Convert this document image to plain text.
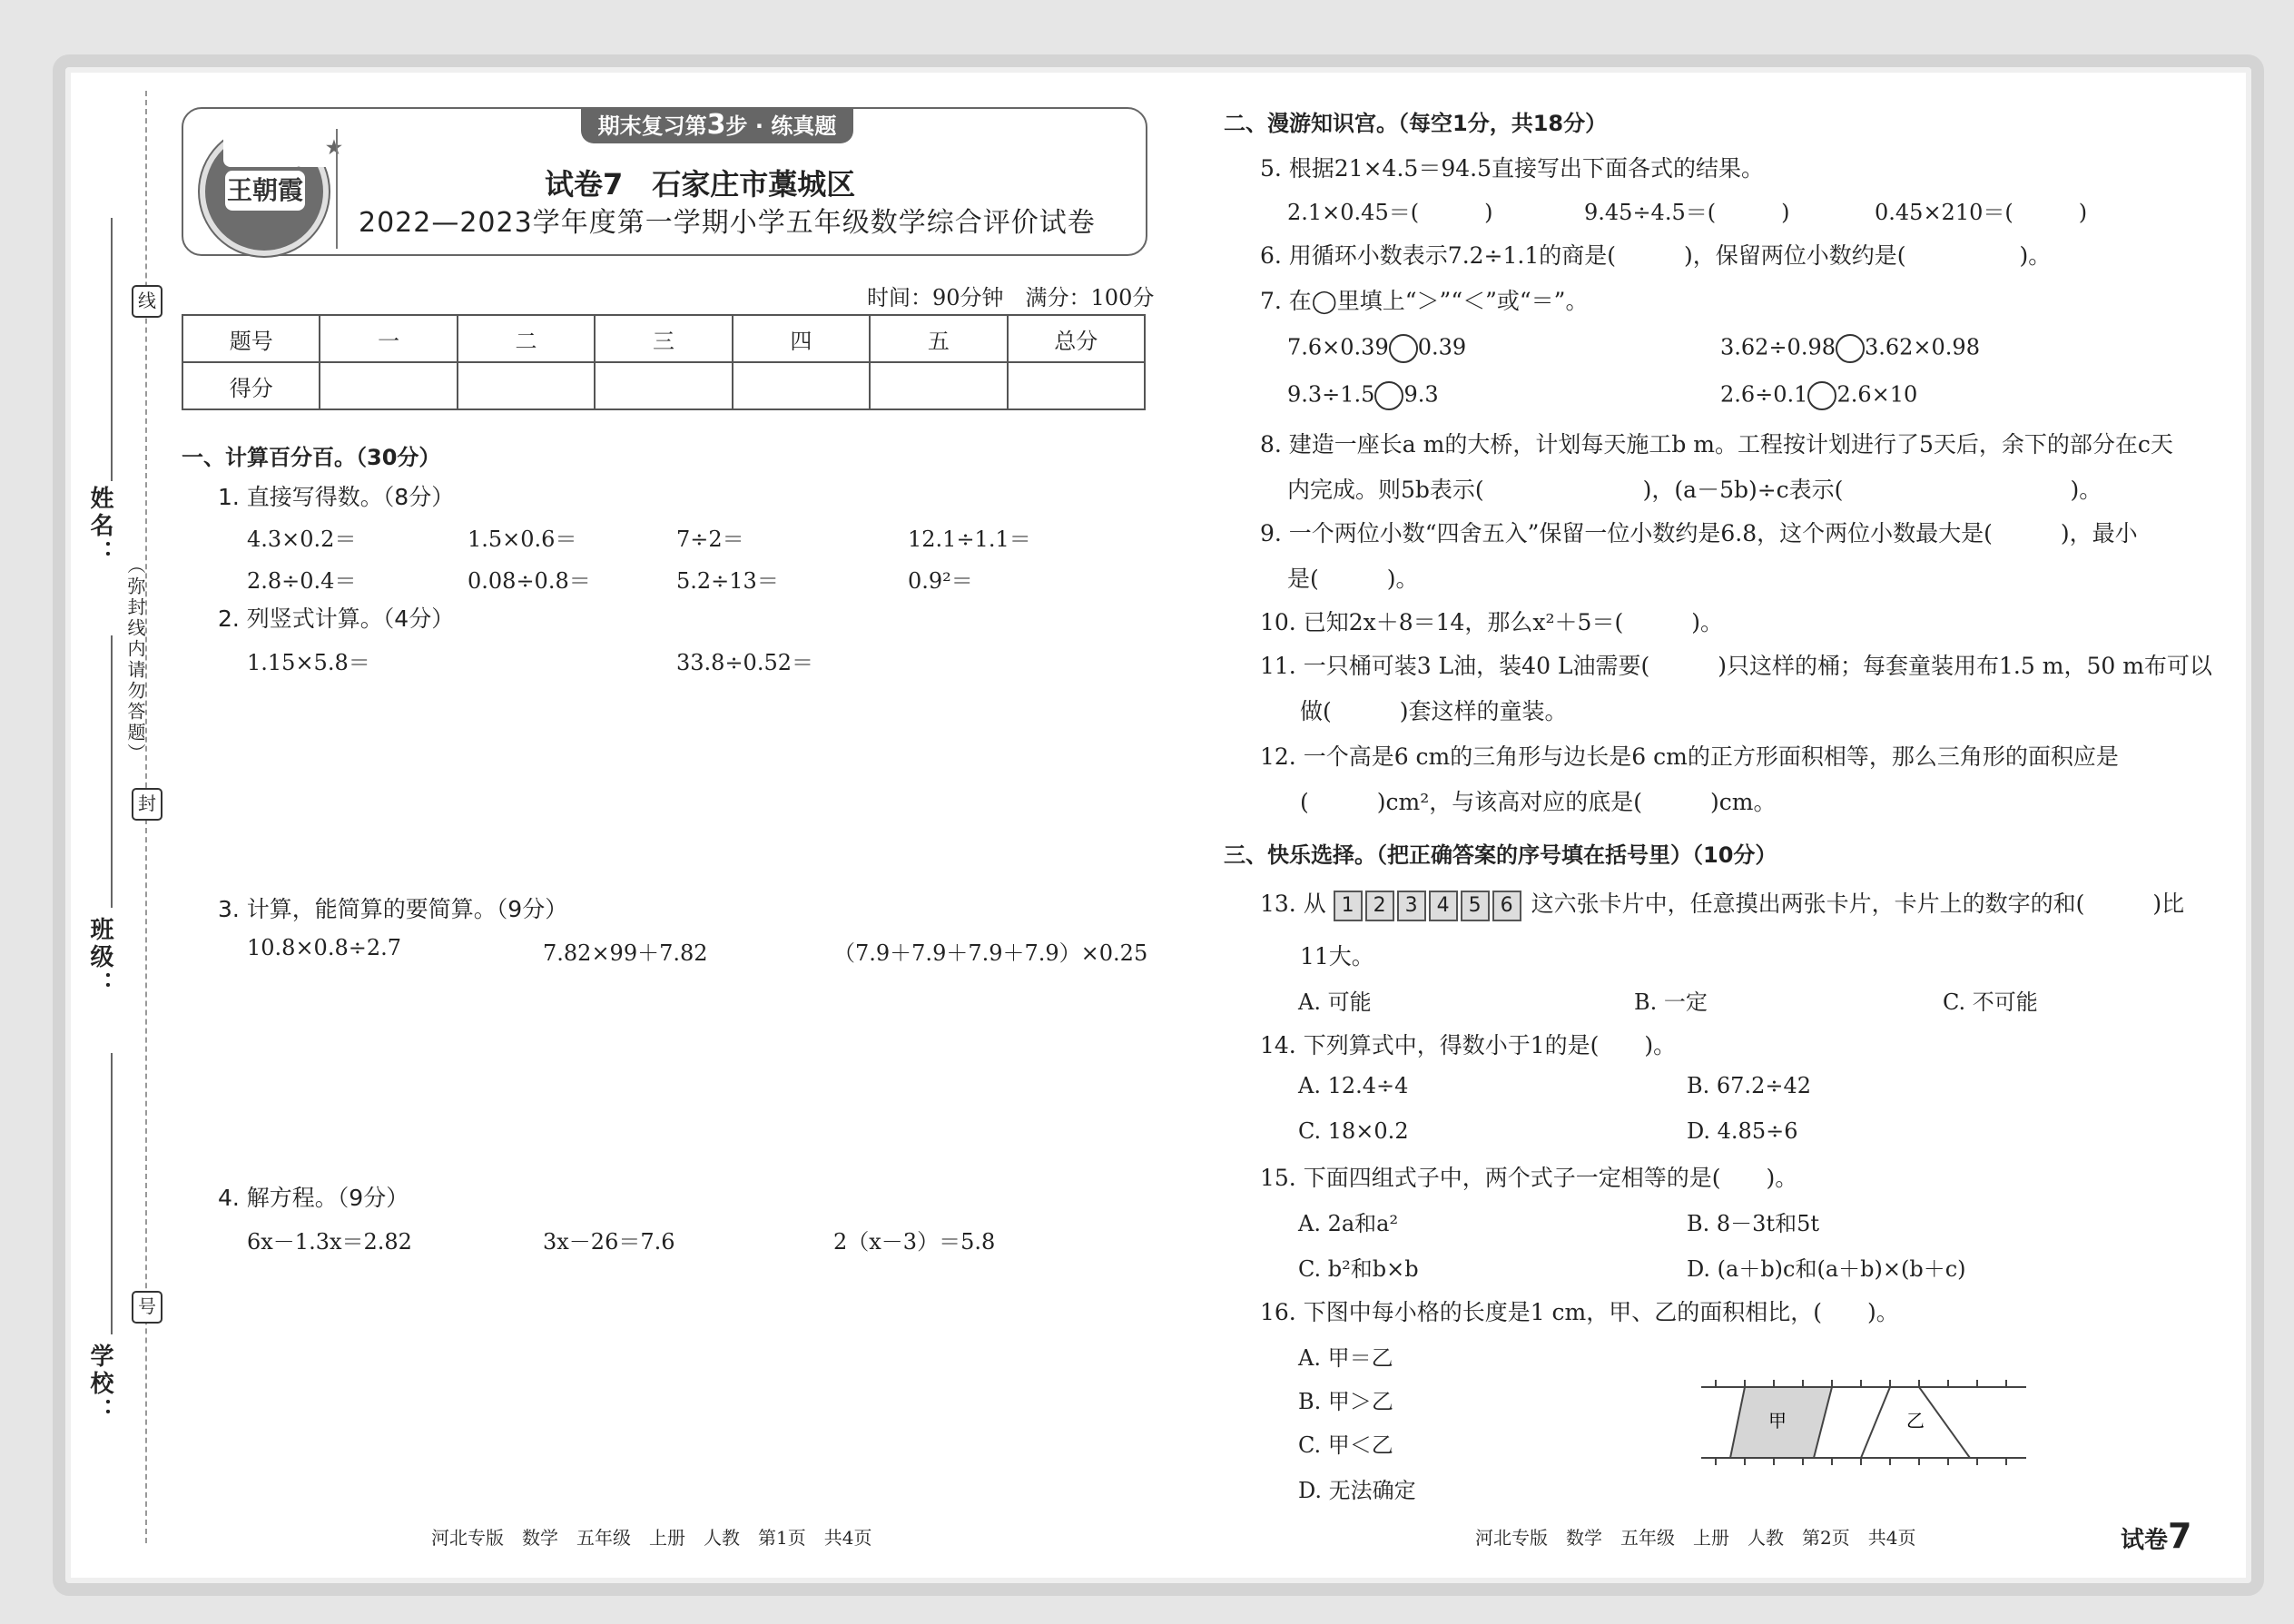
线
封
号
（弥封线内请勿答题）
姓名：
班级：
学校：
期末复习第3步 · 练真题
★
王朝霞	试卷7　石家庄市藁城区
2022—2023学年度第一学期小学五年级数学综合评价试卷
时间：90分钟　满分：100分
题号	一	二	三	四	五	总分
得分						
一、计算百分百。（30分）
1. 直接写得数。（8分）
4.3×0.2＝	1.5×0.6＝	7÷2＝	12.1÷1.1＝
2.8÷0.4＝	0.08÷0.8＝	5.2÷13＝	0.9²＝
2. 列竖式计算。（4分）
1.15×5.8＝	33.8÷0.52＝
3. 计算，能简算的要简算。（9分）
10.8×0.8÷2.7	7.82×99＋7.82	（7.9＋7.9＋7.9＋7.9）×0.25
4. 解方程。（9分）
6x－1.3x＝2.82	3x－26＝7.6	2（x－3）＝5.8
河北专版　数学　五年级　上册　人教　第1页　共4页
二、漫游知识宫。（每空1分，共18分）
5. 根据21×4.5＝94.5直接写出下面各式的结果。
2.1×0.45＝(　　　)	9.45÷4.5＝(　　　)	0.45×210＝(　　　)
6. 用循环小数表示7.2÷1.1的商是(　　　)，保留两位小数约是(　　　　　)。
7. 在◯里填上“＞”“＜”或“＝”。
7.6×0.39 0.39	3.62÷0.98 3.62×0.98
9.3÷1.5 9.3	2.6÷0.1 2.6×10
8. 建造一座长a m的大桥，计划每天施工b m。工程按计划进行了5天后，余下的部分在c天
内完成。则5b表示(　　　　　　　)，(a－5b)÷c表示(　　　　　　　　　　)。
9. 一个两位小数“四舍五入”保留一位小数约是6.8，这个两位小数最大是(　　　)，最小
是(　　　)。
10. 已知2x＋8＝14，那么x²＋5＝(　　　)。
11. 一只桶可装3 L油，装40 L油需要(　　　)只这样的桶；每套童装用布1.5 m，50 m布可以
做(　　　)套这样的童装。
12. 一个高是6 cm的三角形与边长是6 cm的正方形面积相等，那么三角形的面积应是
(　　　)cm²，与该高对应的底是(　　　)cm。
三、快乐选择。（把正确答案的序号填在括号里）（10分）
13. 从 1 2 3 4 5 6 这六张卡片中，任意摸出两张卡片，卡片上的数字的和(　　　)比
11大。
A. 可能	B. 一定	C. 不可能
14. 下列算式中，得数小于1的是(　　)。
A. 12.4÷4	B. 67.2÷42
C. 18×0.2	D. 4.85÷6
15. 下面四组式子中，两个式子一定相等的是(　　)。
A. 2a和a²	B. 8－3t和5t
C. b²和b×b	D. (a＋b)c和(a＋b)×(b＋c)
16. 下图中每小格的长度是1 cm，甲、乙的面积相比，(　　)。
A. 甲＝乙
B. 甲＞乙
C. 甲＜乙
D. 无法确定
甲	乙
河北专版　数学　五年级　上册　人教　第2页　共4页	试卷7
